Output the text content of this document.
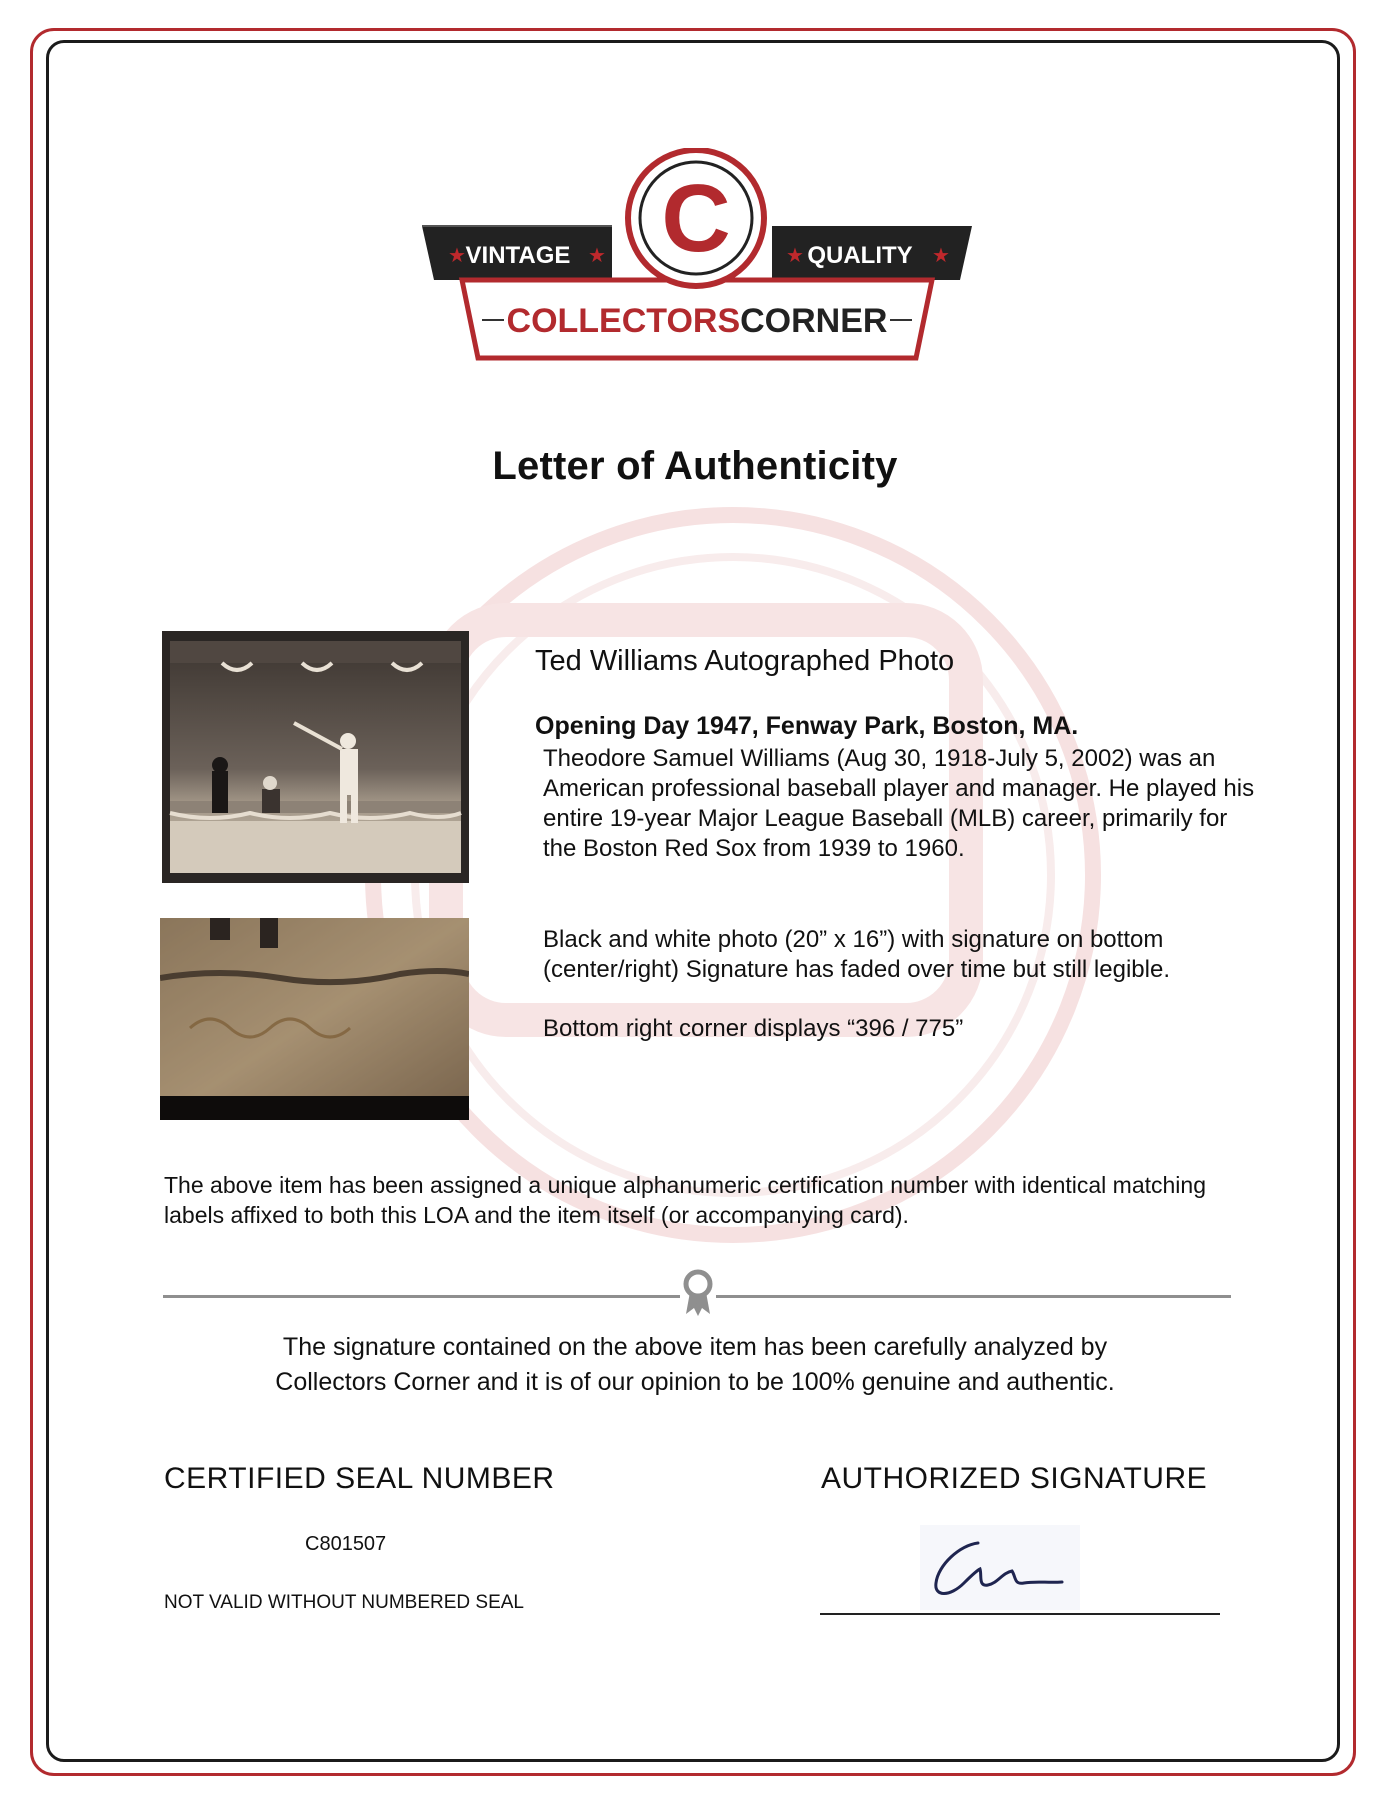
★	★	★	★
VINTAGE	QUALITY
COLLECTORSCORNER
C
Letter of Authenticity
Ted Williams Autographed Photo
Opening Day 1947, Fenway Park, Boston, MA.
Theodore Samuel Williams (Aug 30, 1918-July 5, 2002) was an American professional baseball player and manager. He played his entire 19-year Major League Baseball (MLB) career, primarily for the Boston Red Sox from 1939 to 1960.
Black and white photo (20” x 16”) with signature on bottom (center/right) Signature has faded over time but still legible.
Bottom right corner displays “396 / 775”
The above item has been assigned a unique alphanumeric certification number with identical matching labels affixed to both this LOA and the item itself (or accompanying card).
The signature contained on the above item has been carefully analyzed by
Collectors Corner and it is of our opinion to be 100% genuine and authentic.
CERTIFIED SEAL NUMBER
C801507
NOT VALID WITHOUT NUMBERED SEAL
AUTHORIZED SIGNATURE
